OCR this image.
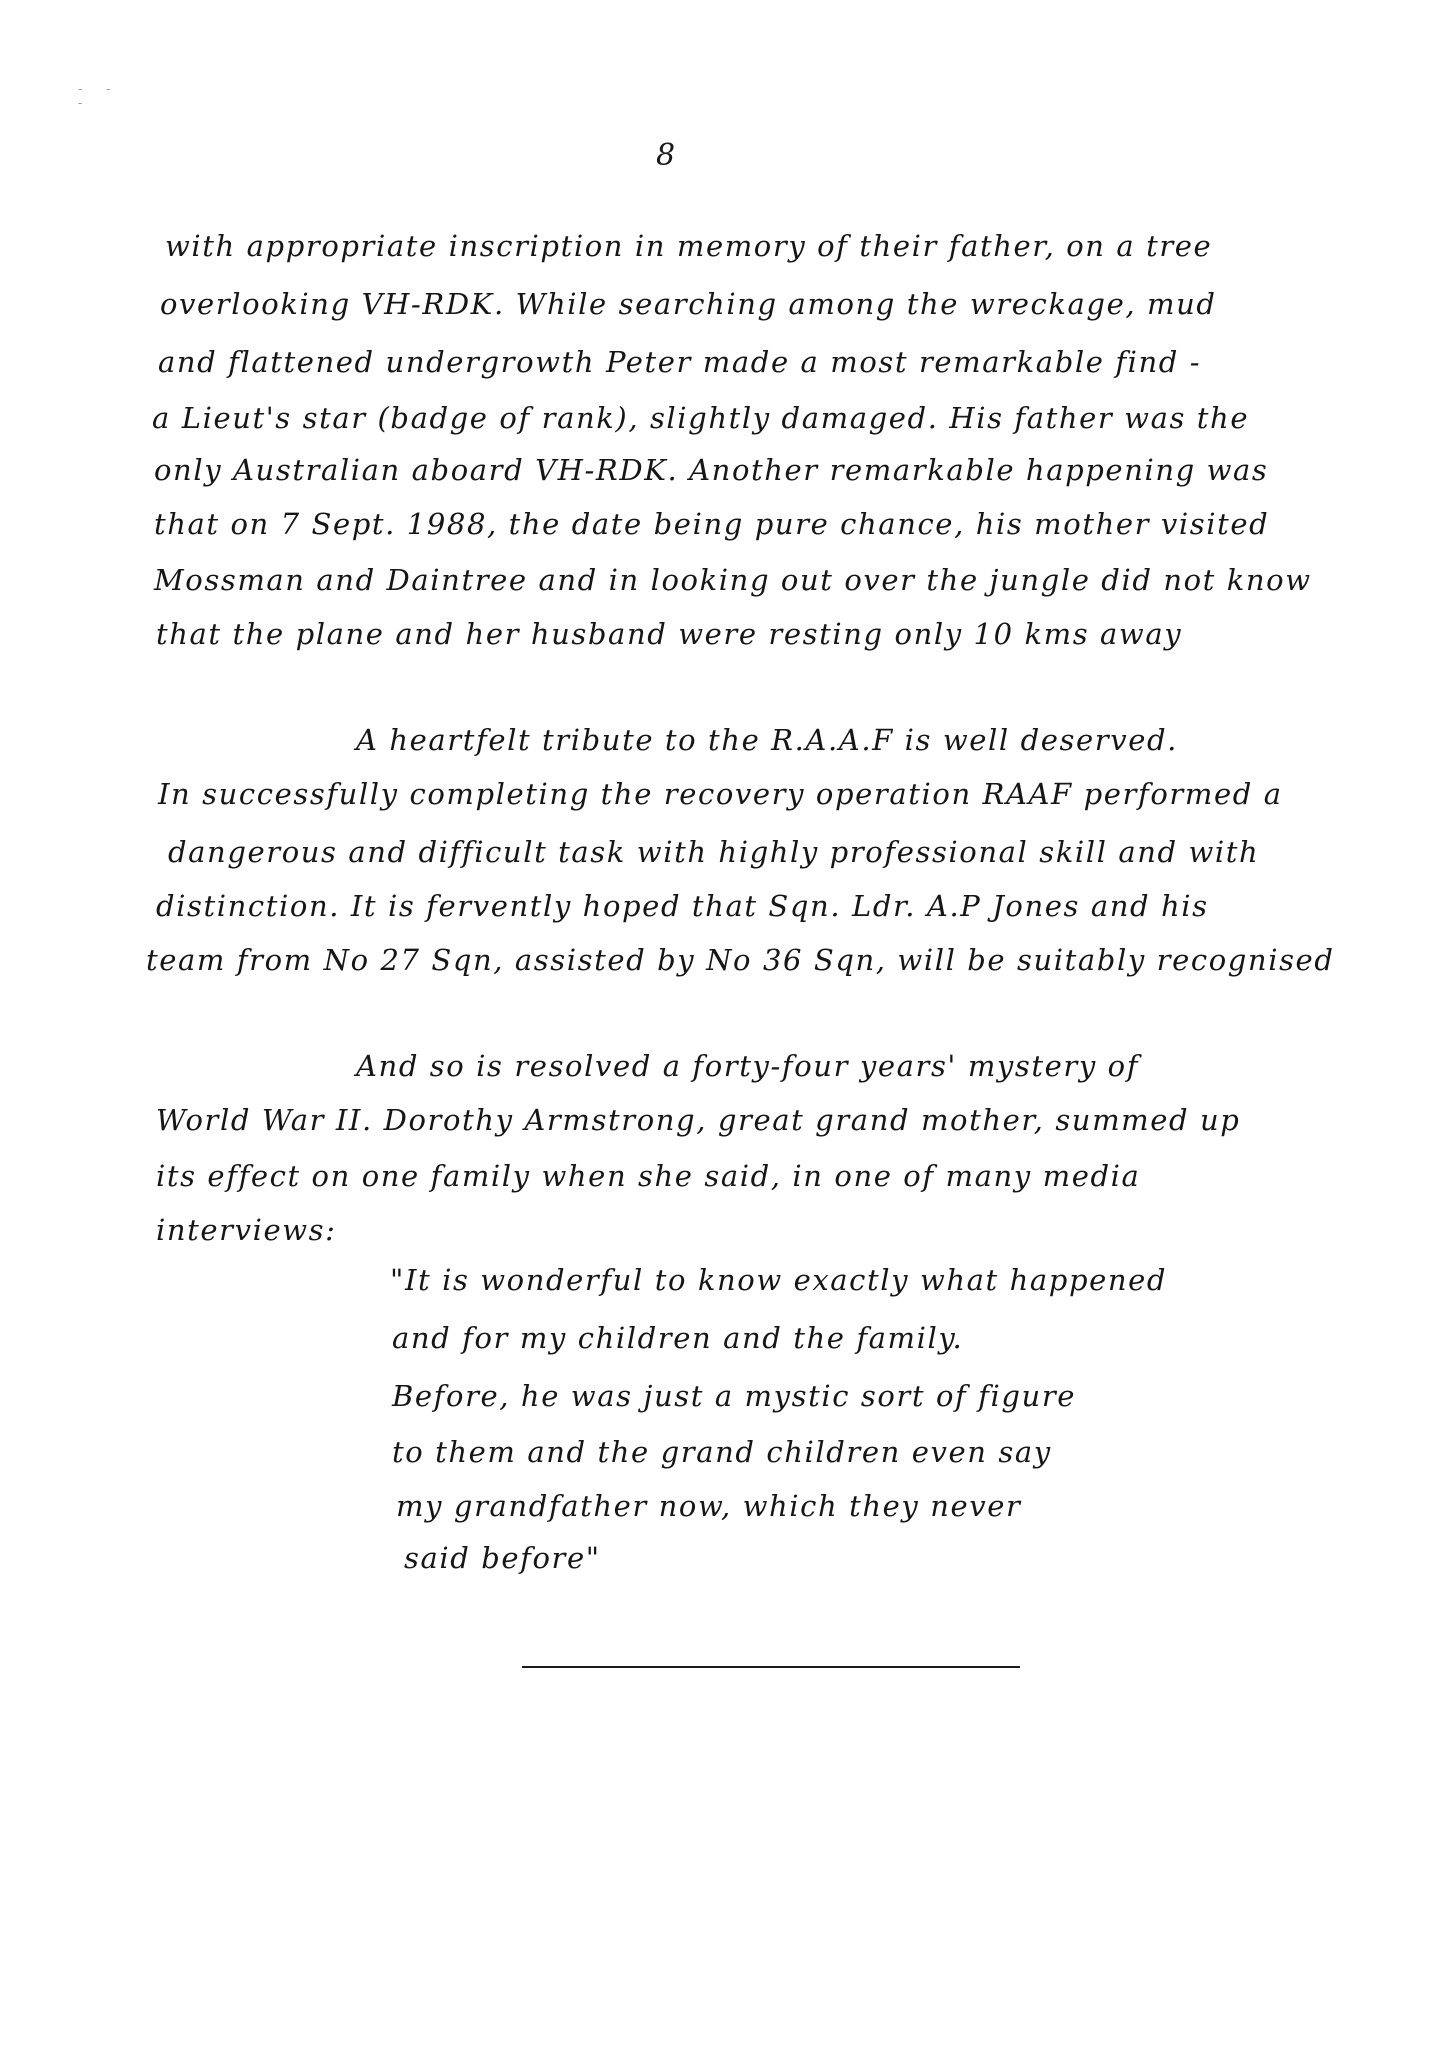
- - -
8
with appropriate inscription in memory of their father, on a tree
overlooking VH-RDK. While searching among the wreckage, mud
and flattened undergrowth Peter made a most remarkable find -
a Lieut's star (badge of rank), slightly damaged. His father was the
only Australian aboard VH-RDK. Another remarkable happening was
that on 7 Sept. 1988, the date being pure chance, his mother visited
Mossman and Daintree and in looking out over the jungle did not know
that the plane and her husband were resting only 10 kms away
A heartfelt tribute to the R.A.A.F is well deserved.
In successfully completing the recovery operation RAAF performed a
dangerous and difficult task with highly professional skill and with
distinction. It is fervently hoped that Sqn. Ldr. A.P Jones and his
team from No 27 Sqn, assisted by No 36 Sqn, will be suitably recognised
And so is resolved a forty-four years' mystery of
World War II. Dorothy Armstrong, great grand mother, summed up
its effect on one family when she said, in one of many media
interviews:
"It is wonderful to know exactly what happened
and for my children and the family.
Before, he was just a mystic sort of figure
to them and the grand children even say
my grandfather now, which they never
said before"
